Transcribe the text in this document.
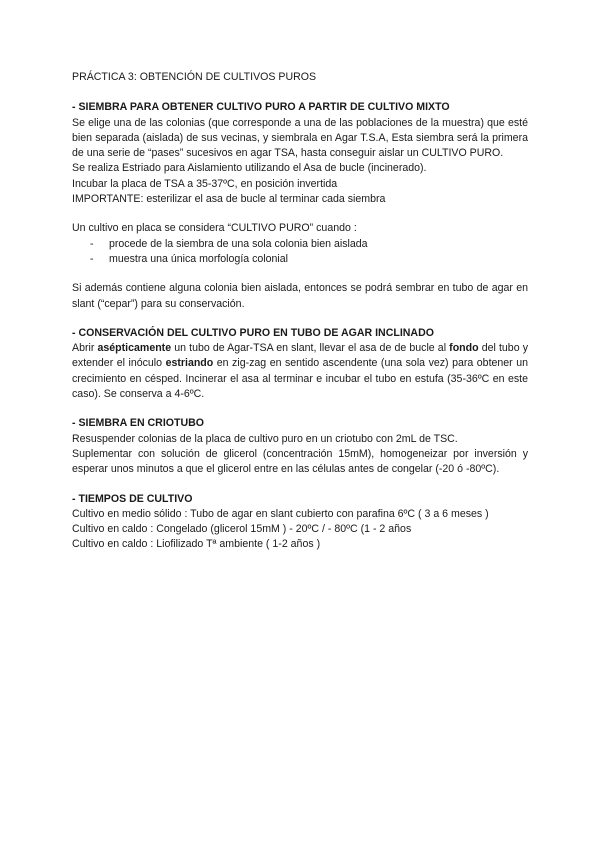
PRÁCTICA 3: OBTENCIÓN DE CULTIVOS PUROS

- SIEMBRA PARA OBTENER CULTIVO PURO A PARTIR DE CULTIVO MIXTO

Se elige una de las colonias (que corresponde a una de las poblaciones de la muestra) que esté bien separada (aislada) de sus vecinas, y siembrala en Agar T.S.A, Esta siembra será la primera de una serie de “pases” sucesivos en agar TSA, hasta conseguir aislar un CULTIVO PURO.

Se realiza Estriado para Aislamiento utilizando el Asa de bucle (incinerado).

Incubar la placa de TSA a 35-37ºC, en posición invertida

IMPORTANTE: esterilizar el asa de bucle al terminar cada siembra

Un cultivo en placa se considera “CULTIVO PURO” cuando :

- procede de la siembra de una sola colonia bien aislada
- muestra una única morfología colonial

Si además contiene alguna colonia bien aislada, entonces se podrá sembrar en tubo de agar en slant (“cepar”) para su conservación.

- CONSERVACIÓN DEL CULTIVO PURO EN TUBO DE AGAR INCLINADO

Abrir asépticamente un tubo de Agar-TSA en slant, llevar el asa de de bucle al fondo del tubo y extender el inóculo estriando en zig-zag en sentido ascendente (una sola vez) para obtener un crecimiento en césped. Incinerar el asa al terminar e incubar el tubo en estufa (35-36ºC en este caso). Se conserva a 4-6ºC.

- SIEMBRA EN CRIOTUBO

Resuspender colonias de la placa de cultivo puro en un criotubo con 2mL de TSC.

Suplementar con solución de glicerol (concentración 15mM), homogeneizar por inversión y esperar unos minutos a que el glicerol entre en las células antes de congelar (-20 ó -80ºC).

- TIEMPOS DE CULTIVO

Cultivo en medio sólido : Tubo de agar en slant cubierto con parafina 6ºC ( 3 a 6 meses )

Cultivo en caldo : Congelado (glicerol 15mM ) - 20ºC / - 80ºC (1 - 2 años

Cultivo en caldo : Liofilizado Tª ambiente ( 1-2 años )
